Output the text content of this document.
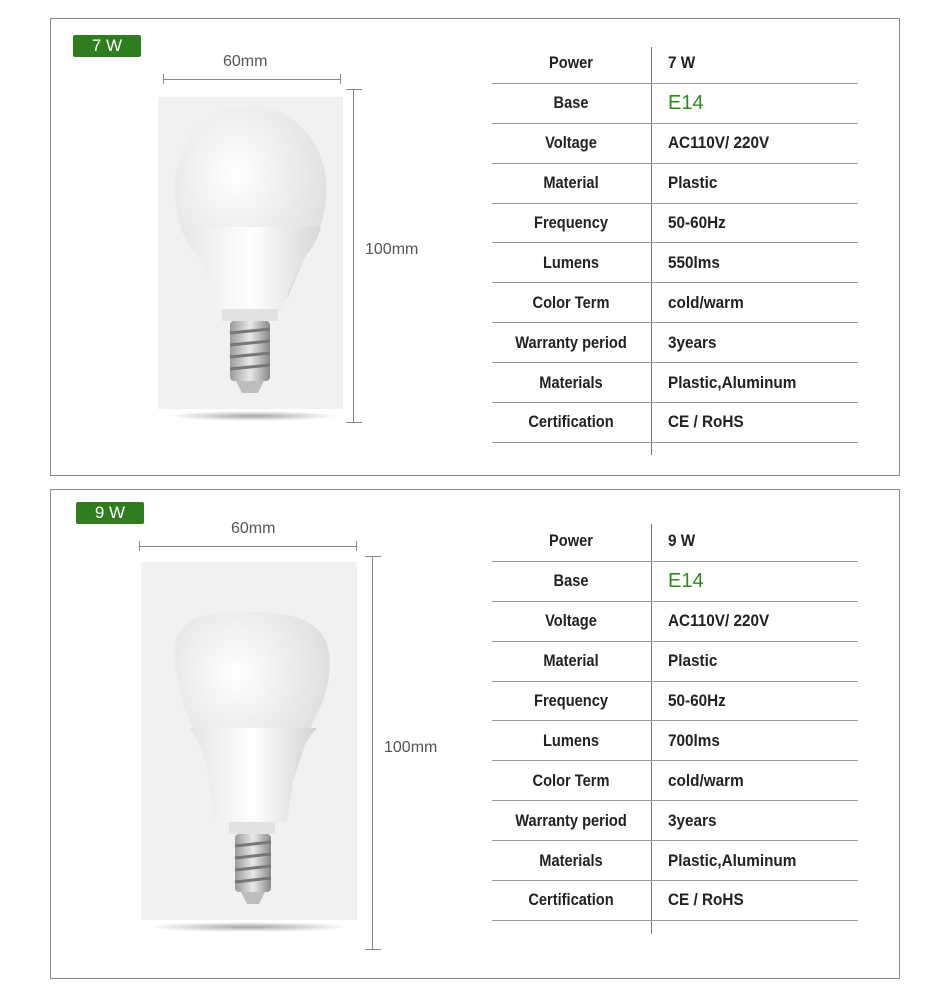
7 W
60mm
100mm
Power	7 W
Base	E14
Voltage	AC110V/ 220V
Material	Plastic
Frequency	50-60Hz
Lumens	550lms
Color Term	cold/warm
Warranty period	3years
Materials	Plastic,Aluminum
Certification	CE / RoHS
9 W
60mm
100mm
Power	9 W
Base	E14
Voltage	AC110V/ 220V
Material	Plastic
Frequency	50-60Hz
Lumens	700lms
Color Term	cold/warm
Warranty period	3years
Materials	Plastic,Aluminum
Certification	CE / RoHS
